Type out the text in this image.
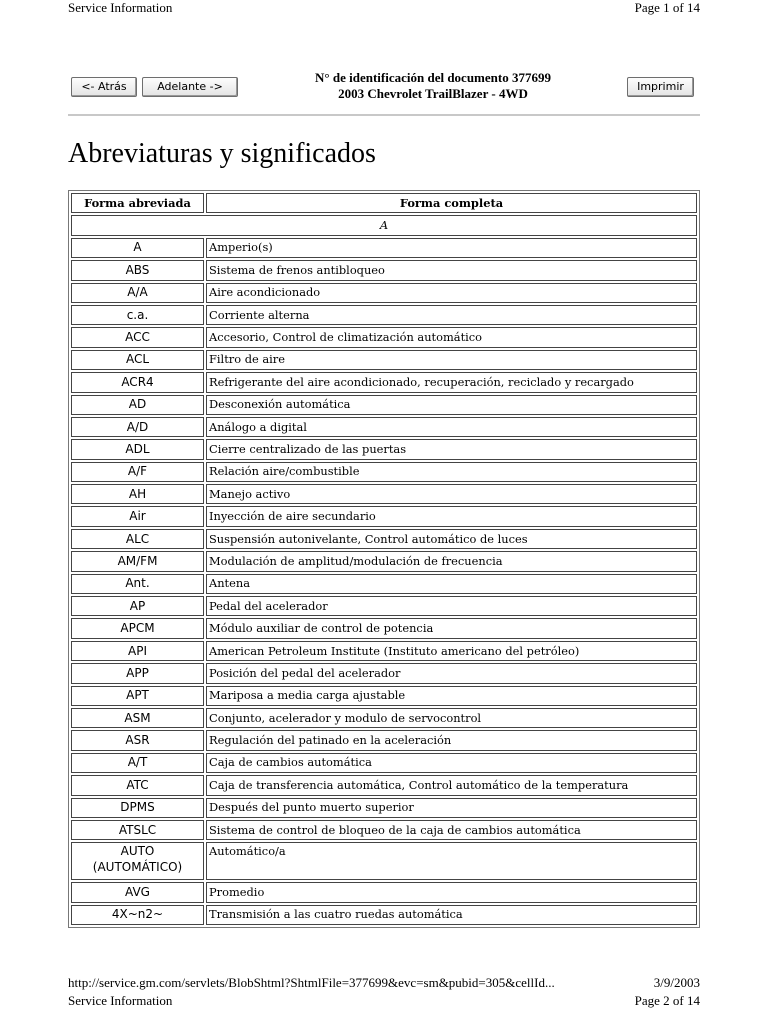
Service Information	Page 1 of 14
<- Atrás	Adelante ->
N° de identificación del documento 377699
2003 Chevrolet TrailBlazer - 4WD	Imprimir
Abreviaturas y significados
Forma abreviada	Forma completa
A	
A	Amperio(s)
ABS	Sistema de frenos antibloqueo
A/A	Aire acondicionado
c.a.	Corriente alterna
ACC	Accesorio, Control de climatización automático
ACL	Filtro de aire
ACR4	Refrigerante del aire acondicionado, recuperación, reciclado y recargado
AD	Desconexión automática
A/D	Análogo a digital
ADL	Cierre centralizado de las puertas
A/F	Relación aire/combustible
AH	Manejo activo
Air	Inyección de aire secundario
ALC	Suspensión autonivelante, Control automático de luces
AM/FM	Modulación de amplitud/modulación de frecuencia
Ant.	Antena
AP	Pedal del acelerador
APCM	Módulo auxiliar de control de potencia
API	American Petroleum Institute (Instituto americano del petróleo)
APP	Posición del pedal del acelerador
APT	Mariposa a media carga ajustable
ASM	Conjunto, acelerador y modulo de servocontrol
ASR	Regulación del patinado en la aceleración
A/T	Caja de cambios automática
ATC	Caja de transferencia automática, Control automático de la temperatura
DPMS	Después del punto muerto superior
ATSLC	Sistema de control de bloqueo de la caja de cambios automática
AUTO (AUTOMÁTICO)	Automático/a
AVG	Promedio
4X~n2~	Transmisión a las cuatro ruedas automática
http://service.gm.com/servlets/BlobShtml?ShtmlFile=377699&evc=sm&pubid=305&cellId...	3/9/2003
Service Information	Page 2 of 14
